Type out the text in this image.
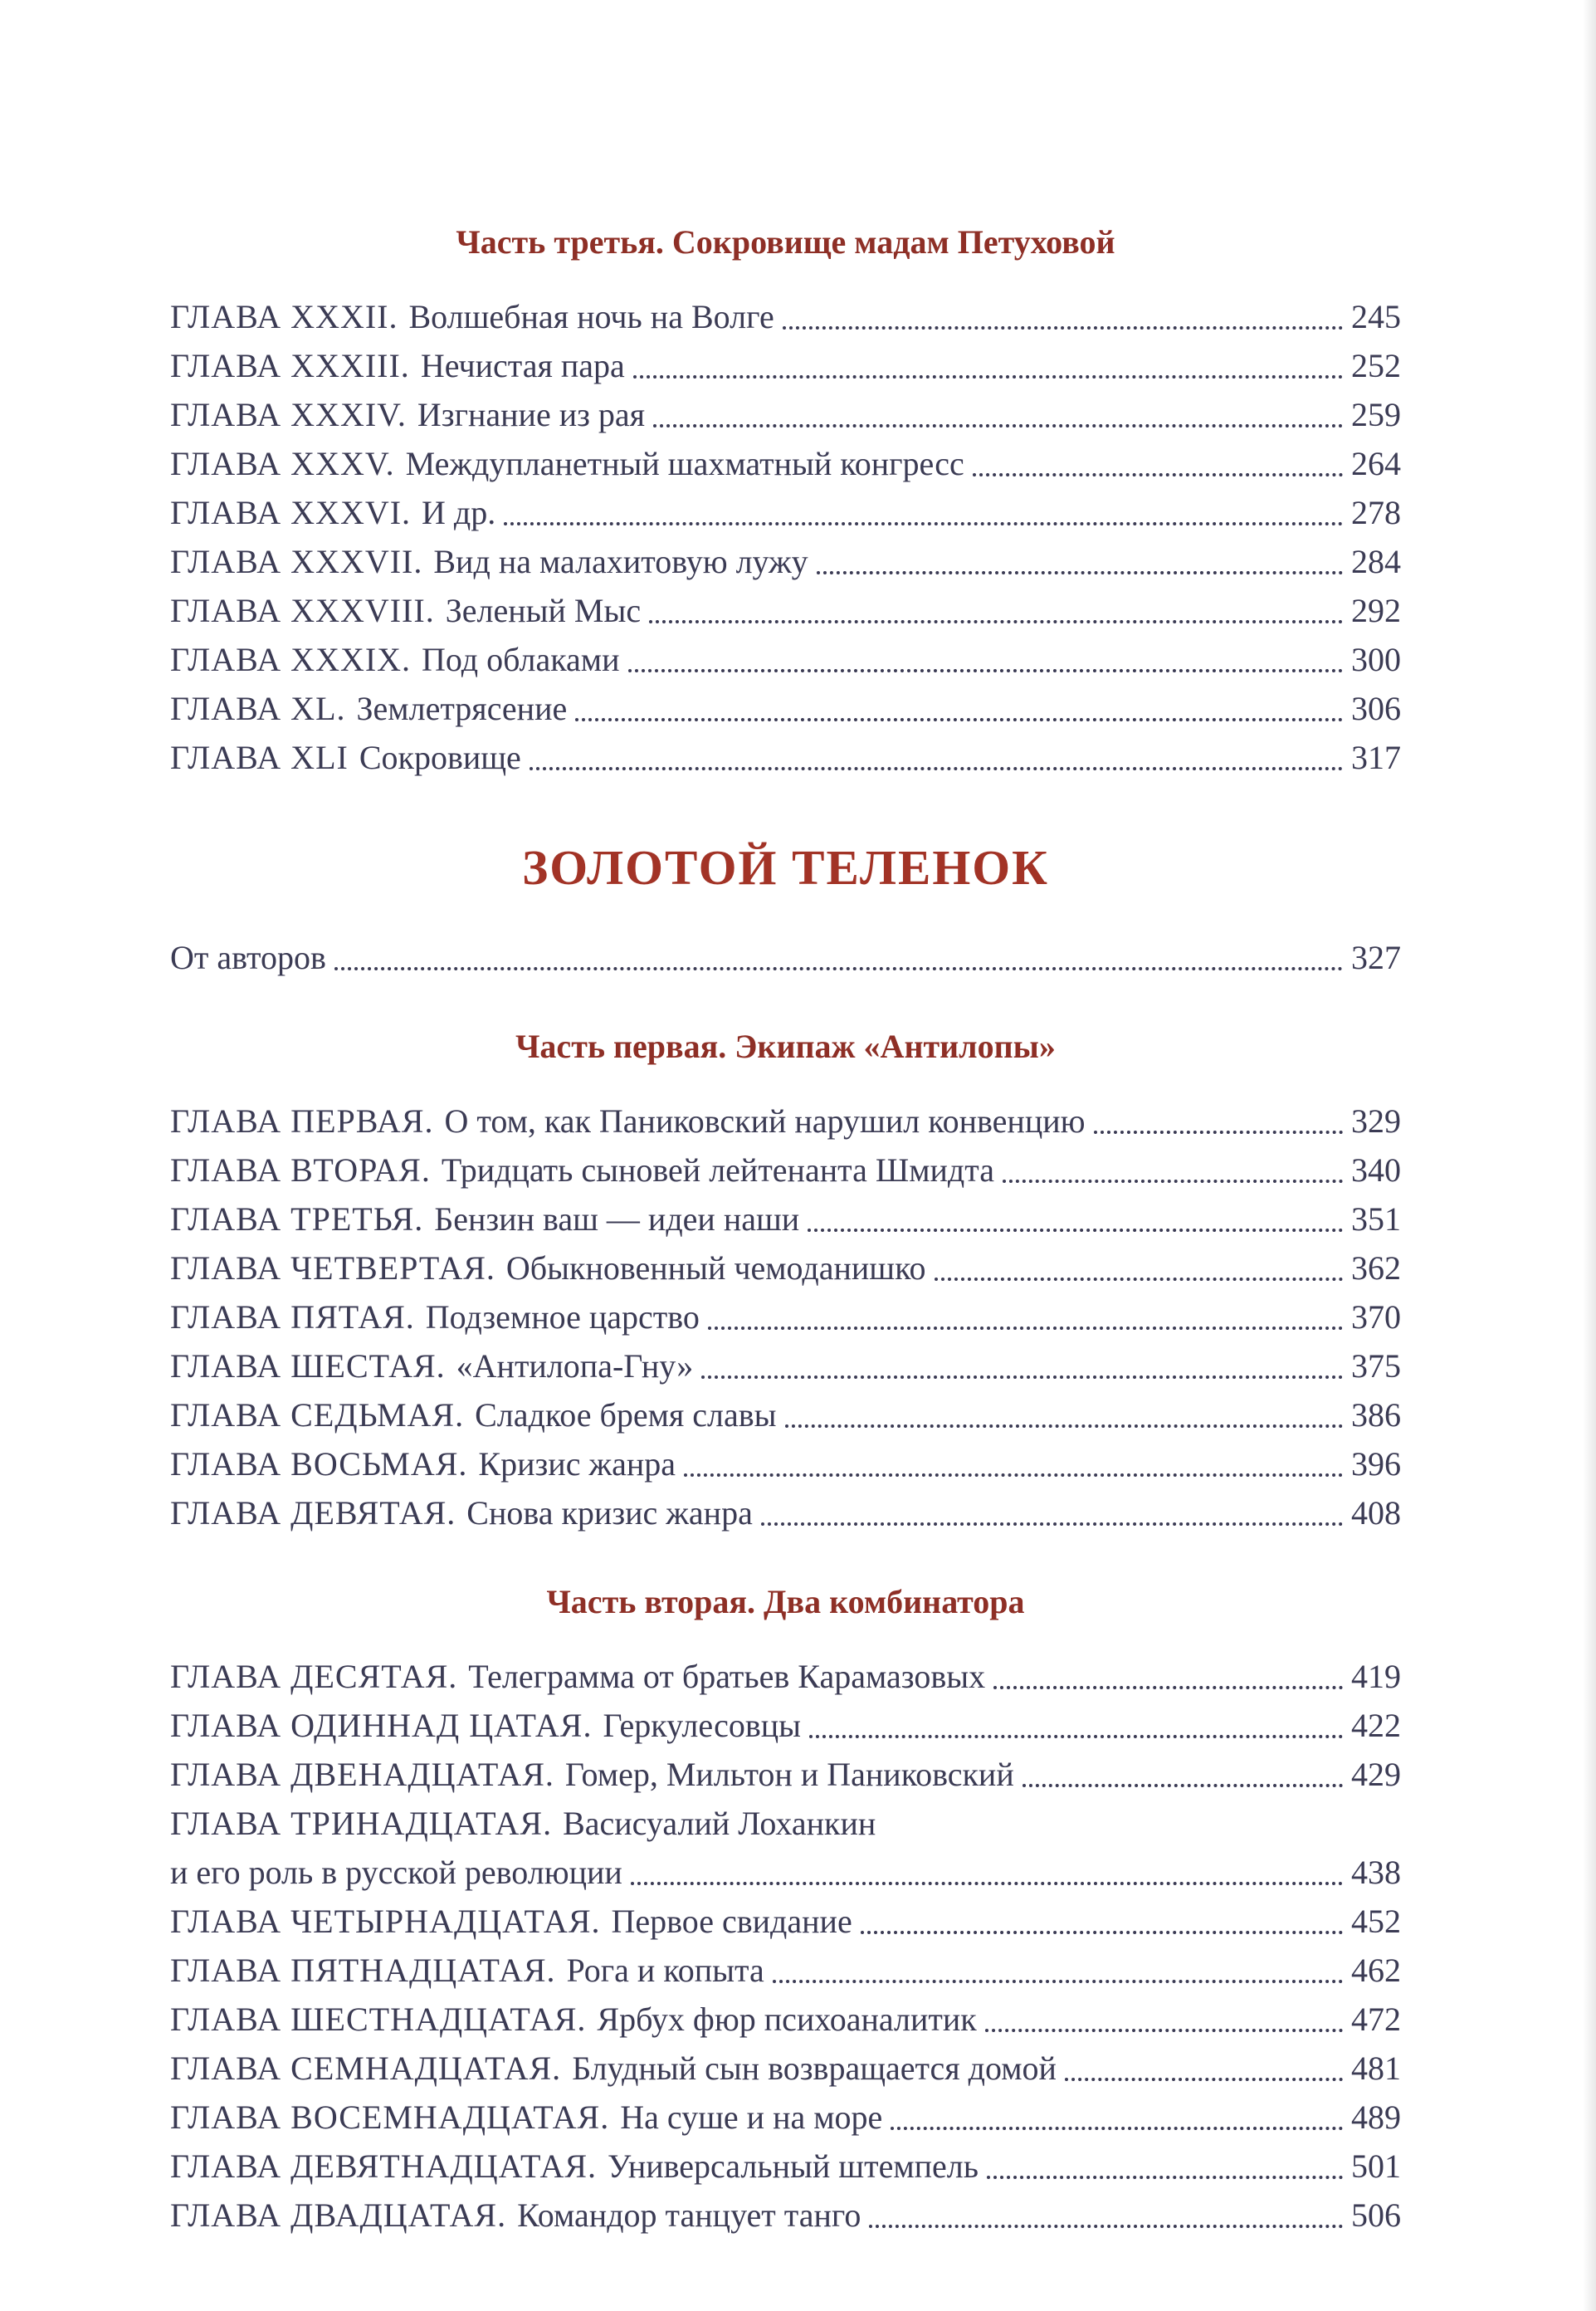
Часть третья. Сокровище мадам Петуховой
ГЛАВА XXXII. Волшебная ночь на Волге	245
ГЛАВА XXXIII. Нечистая пара	252
ГЛАВА XXXIV. Изгнание из рая	259
ГЛАВА XXXV. Междупланетный шахматный конгресс	264
ГЛАВА XXXVI. И др.	278
ГЛАВА XXXVII. Вид на малахитовую лужу	284
ГЛАВА XXXVIII. Зеленый Мыс	292
ГЛАВА XXXIX. Под облаками	300
ГЛАВА XL. Землетрясение	306
ГЛАВА XLI Сокровище	317
ЗОЛОТОЙ ТЕЛЕНОК
От авторов	327
Часть первая. Экипаж «Антилопы»
ГЛАВА ПЕРВАЯ. О том, как Паниковский нарушил конвенцию	329
ГЛАВА ВТОРАЯ. Тридцать сыновей лейтенанта Шмидта	340
ГЛАВА ТРЕТЬЯ. Бензин ваш — идеи наши	351
ГЛАВА ЧЕТВЕРТАЯ. Обыкновенный чемоданишко	362
ГЛАВА ПЯТАЯ. Подземное царство	370
ГЛАВА ШЕСТАЯ. «Антилопа-Гну»	375
ГЛАВА СЕДЬМАЯ. Сладкое бремя славы	386
ГЛАВА ВОСЬМАЯ. Кризис жанра	396
ГЛАВА ДЕВЯТАЯ. Снова кризис жанра	408
Часть вторая. Два комбинатора
ГЛАВА ДЕСЯТАЯ. Телеграмма от братьев Карамазовых	419
ГЛАВА ОДИННАД ЦАТАЯ. Геркулесовцы	422
ГЛАВА ДВЕНАДЦАТАЯ. Гомер, Мильтон и Паниковский	429
ГЛАВА ТРИНАДЦАТАЯ. Васисуалий Лоханкин
и его роль в русской революции	438
ГЛАВА ЧЕТЫРНАДЦАТАЯ. Первое свидание	452
ГЛАВА ПЯТНАДЦАТАЯ. Рога и копыта	462
ГЛАВА ШЕСТНАДЦАТАЯ. Ярбух фюр психоаналитик	472
ГЛАВА СЕМНАДЦАТАЯ. Блудный сын возвращается домой	481
ГЛАВА ВОСЕМНАДЦАТАЯ. На суше и на море	489
ГЛАВА ДЕВЯТНАДЦАТАЯ. Универсальный штемпель	501
ГЛАВА ДВАДЦАТАЯ. Командор танцует танго	506
